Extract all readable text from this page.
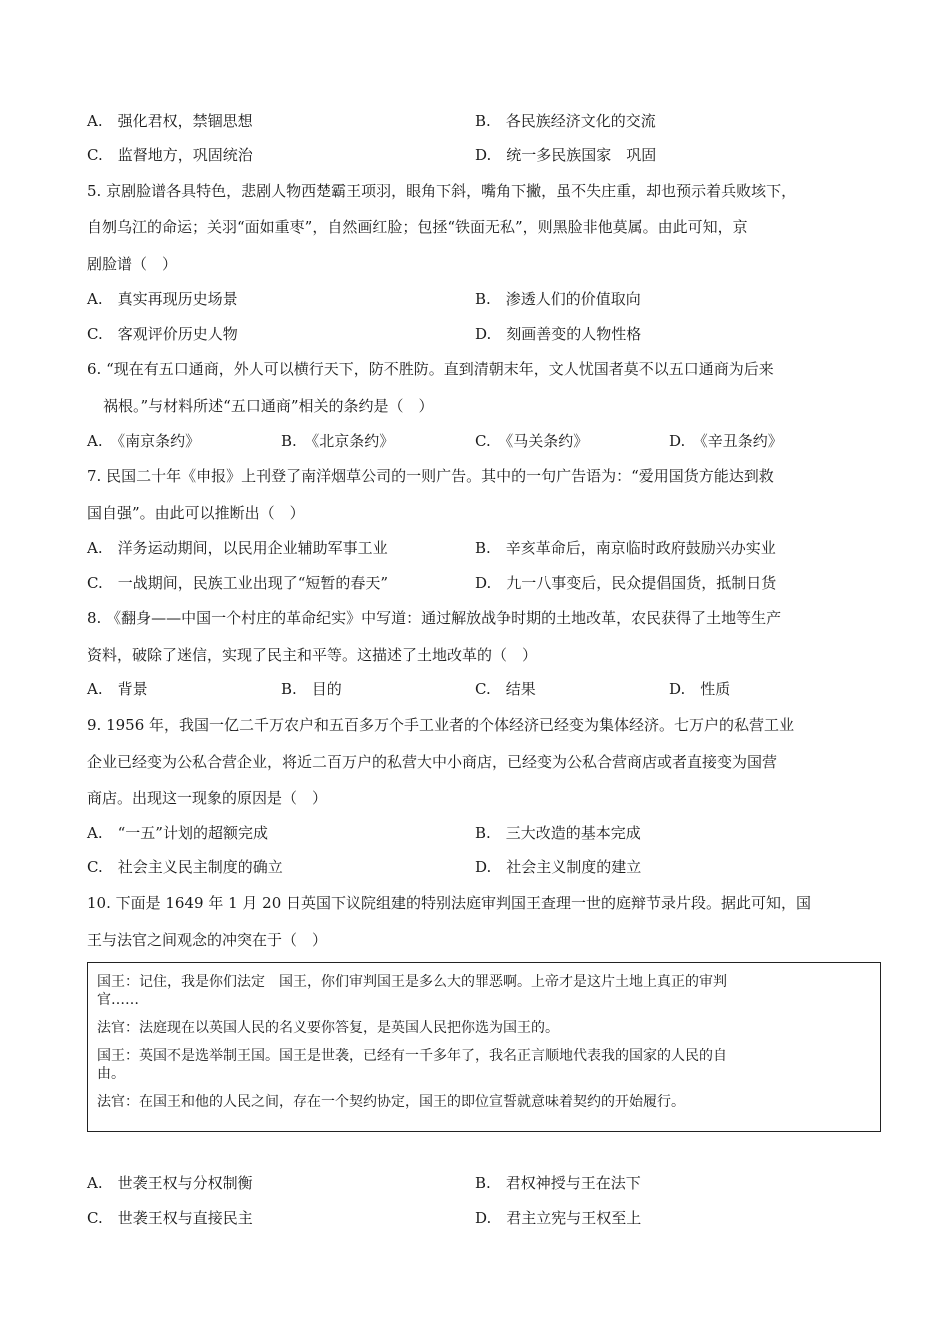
A.　强化君权，禁锢思想	B.　各民族经济文化的交流
C.　监督地方，巩固统治	D.　统一多民族国家　巩固
5. 京剧脸谱各具特色，悲剧人物西楚霸王项羽，眼角下斜，嘴角下撇，虽不失庄重，却也预示着兵败垓下，
自刎乌江的命运；关羽“面如重枣”，自然画红脸；包拯“铁面无私”，则黑脸非他莫属。由此可知，京
剧脸谱（　）
A.　真实再现历史场景	B.　渗透人们的价值取向
C.　客观评价历史人物	D.　刻画善变的人物性格
6. “现在有五口通商，外人可以横行天下，防不胜防。直到清朝末年，文人忧国者莫不以五口通商为后来
祸根。”与材料所述“五口通商”相关的条约是（　）
A.　《南京条约》	B.　《北京条约》	C.　《马关条约》	D.　《辛丑条约》
7. 民国二十年《申报》上刊登了南洋烟草公司的一则广告。其中的一句广告语为：“爱用国货方能达到救
国自强”。由此可以推断出（　）
A.　洋务运动期间，以民用企业辅助军事工业	B.　辛亥革命后，南京临时政府鼓励兴办实业
C.　一战期间，民族工业出现了“短暂的春天”	D.　九一八事变后，民众提倡国货，抵制日货
8. 《翻身——中国一个村庄的革命纪实》中写道：通过解放战争时期的土地改革，农民获得了土地等生产
资料，破除了迷信，实现了民主和平等。这描述了土地改革的（　）
A.　背景	B.　目的	C.　结果	D.　性质
9. 1956 年，我国一亿二千万农户和五百多万个手工业者的个体经济已经变为集体经济。七万户的私营工业
企业已经变为公私合营企业，将近二百万户的私营大中小商店，已经变为公私合营商店或者直接变为国营
商店。出现这一现象的原因是（　）
A.　“一五”计划的超额完成	B.　三大改造的基本完成
C.　社会主义民主制度的确立	D.　社会主义制度的建立
10. 下面是 1649 年 1 月 20 日英国下议院组建的特别法庭审判国王查理一世的庭辩节录片段。据此可知，国
王与法官之间观念的冲突在于（　）
国王：记住，我是你们法定　国王，你们审判国王是多么大的罪恶啊。上帝才是这片土地上真正的审判
官……
法官：法庭现在以英国人民的名义要你答复，是英国人民把你选为国王的。
国王：英国不是选举制王国。国王是世袭，已经有一千多年了，我名正言顺地代表我的国家的人民的自
由。
法官：在国王和他的人民之间，存在一个契约协定，国王的即位宣誓就意味着契约的开始履行。
A.　世袭王权与分权制衡	B.　君权神授与王在法下
C.　世袭王权与直接民主	D.　君主立宪与王权至上
